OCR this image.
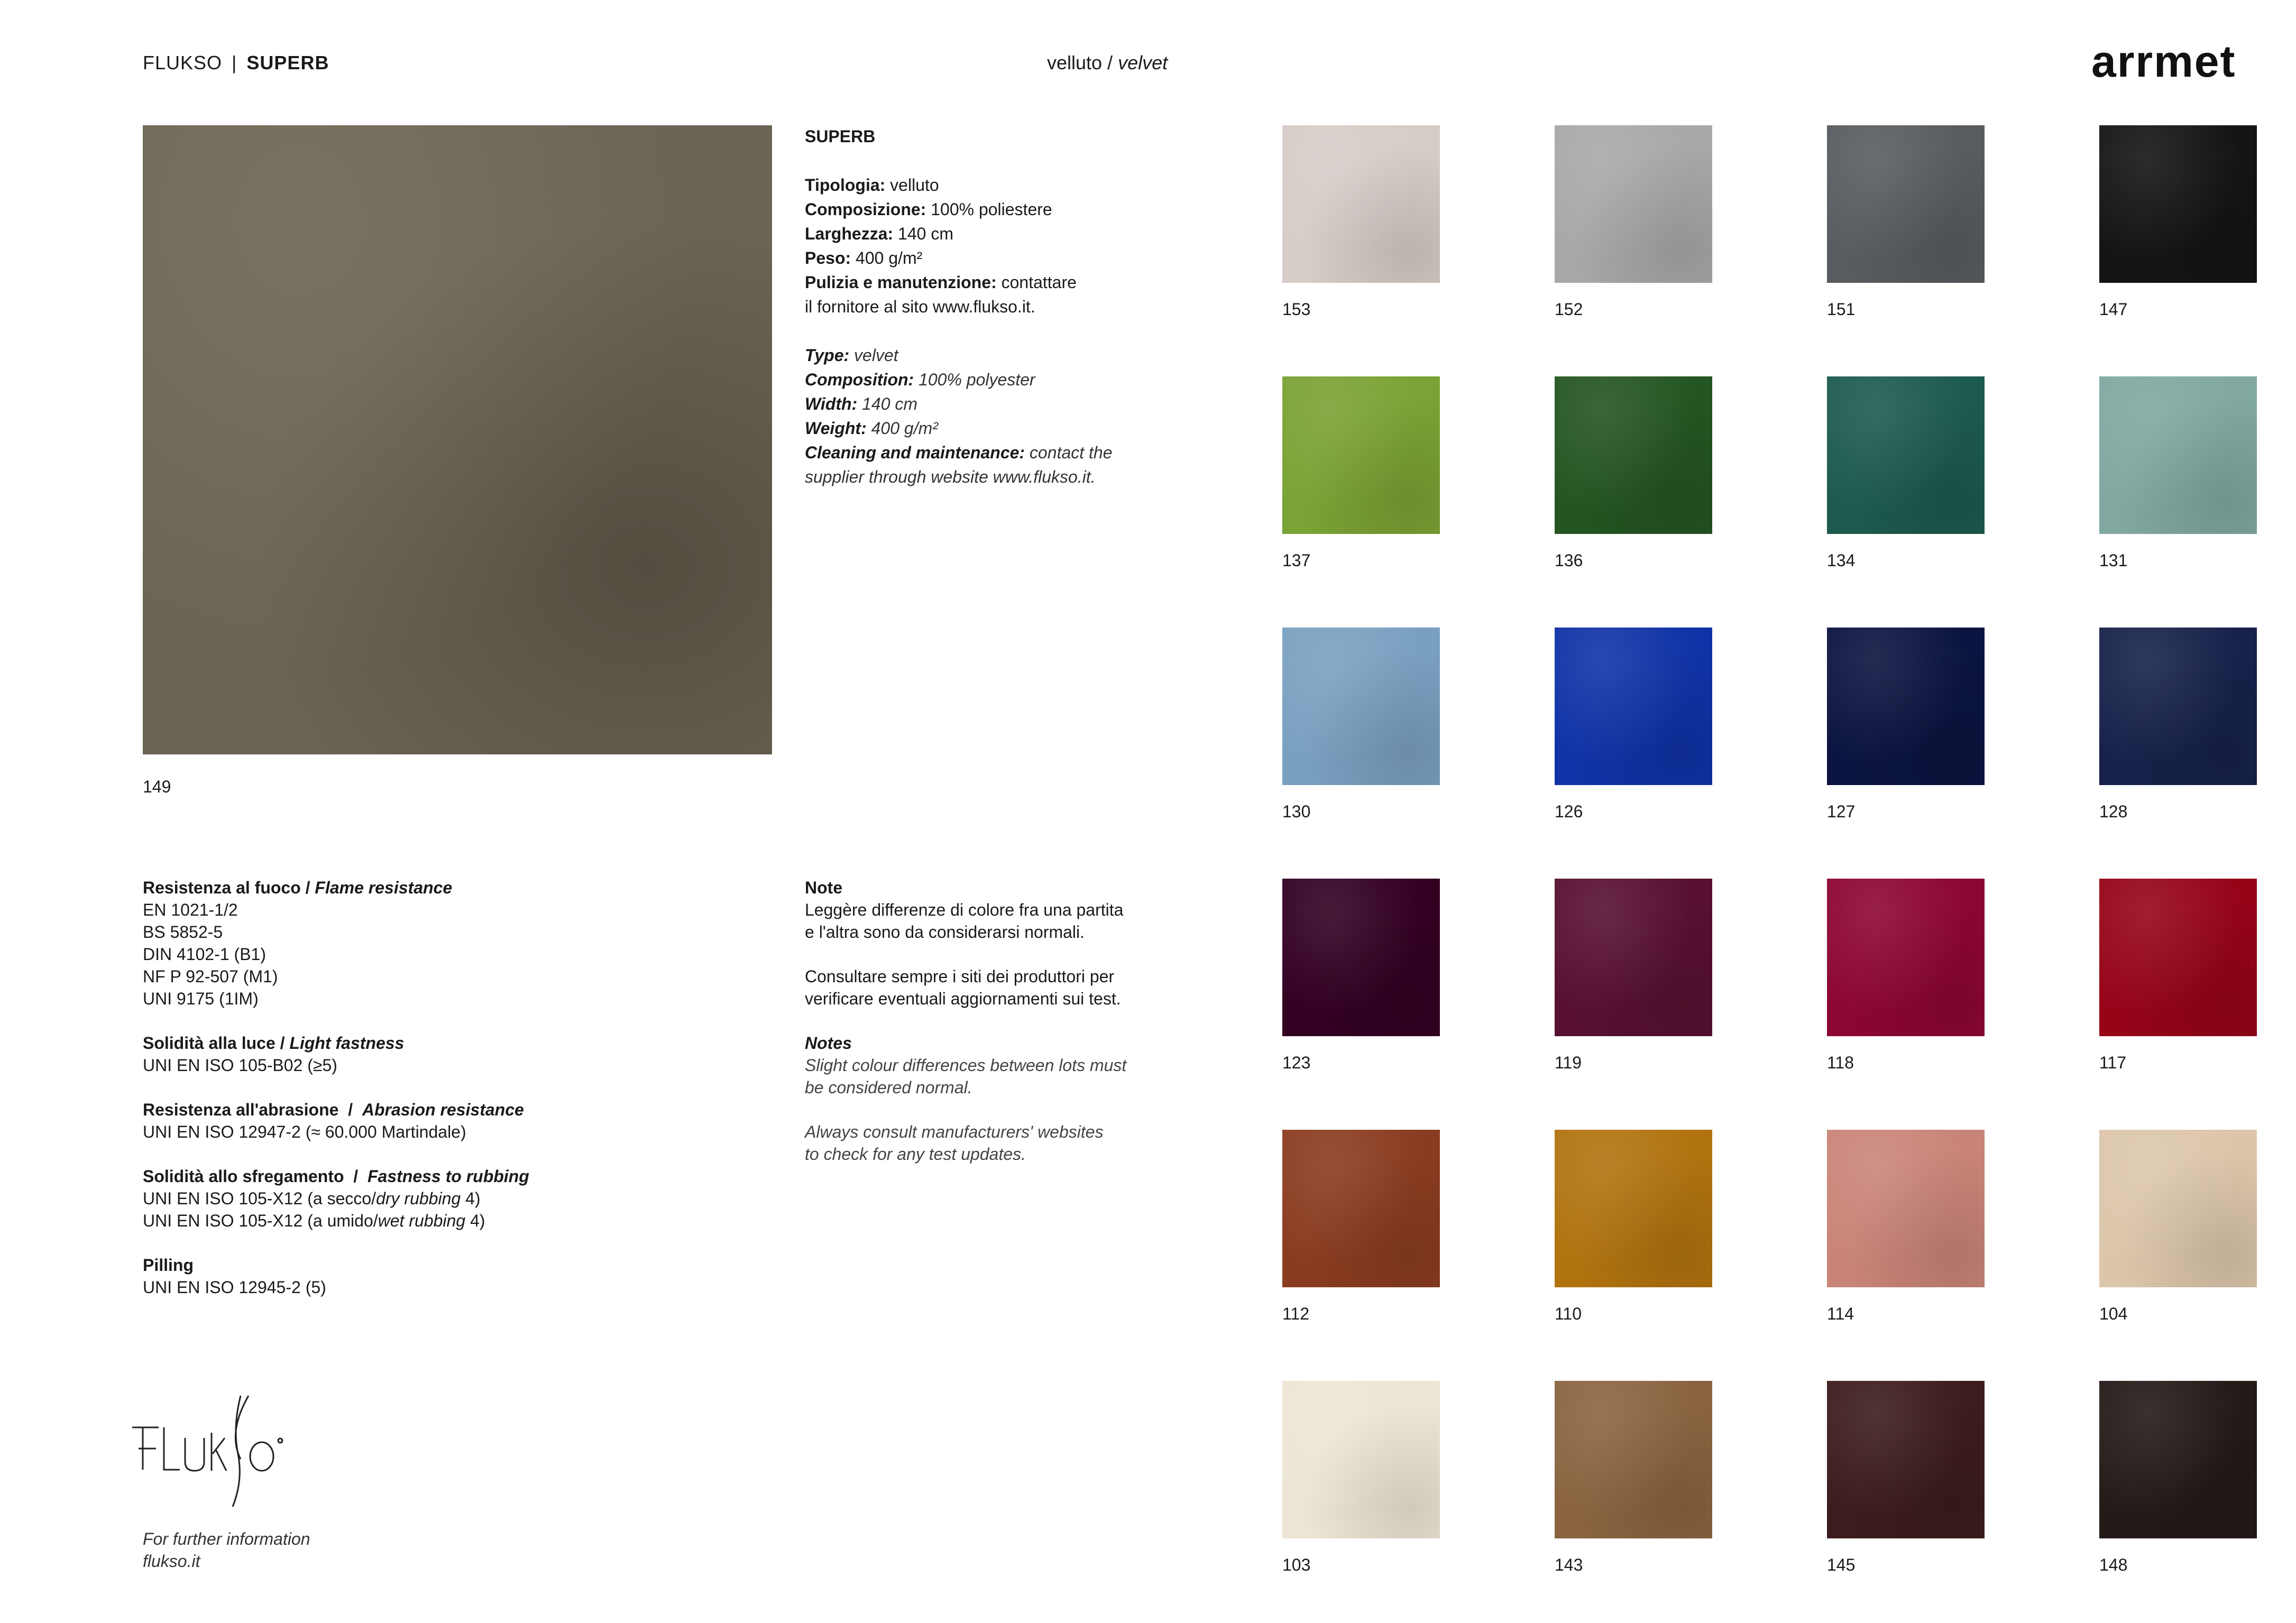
FLUKSO | SUPERB	velluto / velvet	arrmet
149
SUPERB
Tipologia: velluto
Composizione: 100% poliestere
Larghezza: 140 cm
Peso: 400 g/m²
Pulizia e manutenzione: contattare
il fornitore al sito www.flukso.it.
Type: velvet
Composition: 100% polyester
Width: 140 cm
Weight: 400 g/m²
Cleaning and maintenance: contact the
supplier through website www.flukso.it.
Resistenza al fuoco / Flame resistance
EN 1021-1/2
BS 5852-5
DIN 4102-1 (B1)
NF P 92-507 (M1)
UNI 9175 (1IM)
Solidità alla luce / Light fastness
UNI EN ISO 105-B02 (≥5)
Resistenza all'abrasione  /  Abrasion resistance
UNI EN ISO 12947-2 (≈ 60.000 Martindale)
Solidità allo sfregamento  /  Fastness to rubbing
UNI EN ISO 105-X12 (a secco/dry rubbing 4)
UNI EN ISO 105-X12 (a umido/wet rubbing 4)
Pilling
UNI EN ISO 12945-2 (5)
Note
Leggère differenze di colore fra una partita
e l'altra sono da considerarsi normali.
Consultare sempre i siti dei produttori per
verificare eventuali aggiornamenti sui test.
Notes
Slight colour differences between lots must
be considered normal.
Always consult manufacturers' websites
to check for any test updates.
For further information
flukso.it
153	152	151	147
137	136	134	131
130	126	127	128
123	119	118	117
112	110	114	104
103	143	145	148
